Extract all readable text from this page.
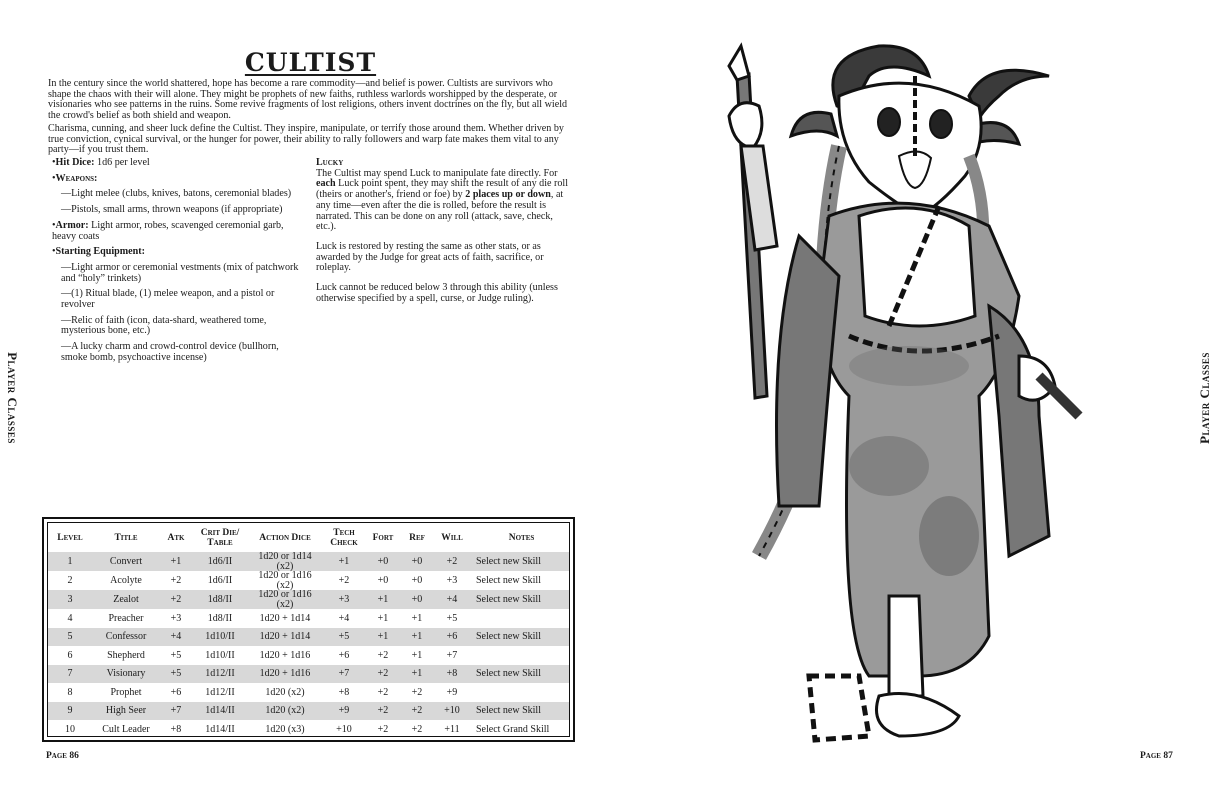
Player Classes
CULTIST

In the century since the world shattered, hope has become a rare commodity—and belief is power. Cultists are survivors who shape the chaos with their will alone. They might be prophets of new faiths, ruthless warlords worshipped by the desperate, or visionaries who see patterns in the ruins. Some revive fragments of lost religions, others invent doctrines on the fly, but all wield the crowd's belief as both shield and weapon.

Charisma, cunning, and sheer luck define the Cultist. They inspire, manipulate, or terrify those around them. Whether driven by true conviction, cynical survival, or the hunger for power, their ability to rally followers and warp fate makes them vital to any party—if you trust them.

•Hit Dice: 1d6 per level

•Weapons:

—Light melee (clubs, knives, batons, ceremonial blades)

—Pistols, small arms, thrown weapons (if appropriate)

•Armor: Light armor, robes, scavenged ceremonial garb, heavy coats

•Starting Equipment:

—Light armor or ceremonial vestments (mix of patchwork and “holy” trinkets)

—(1) Ritual blade, (1) melee weapon, and a pistol or revolver

—Relic of faith (icon, data-shard, weathered tome, mysterious bone, etc.)

—A lucky charm and crowd-control device (bullhorn, smoke bomb, psychoactive incense)

Lucky

The Cultist may spend Luck to manipulate fate directly. For each Luck point spent, they may shift the result of any die roll (theirs or another's, friend or foe) by 2 places up or down, at any time—even after the die is rolled, before the result is narrated. This can be done on any roll (attack, save, check, etc.).

Luck is restored by resting the same as other stats, or as awarded by the Judge for great acts of faith, sacrifice, or roleplay.

Luck cannot be reduced below 3 through this ability (unless otherwise specified by a spell, curse, or Judge ruling).

Level	Title	Atk	Crit Die/ Table	Action Dice	Tech Check	Fort	Ref	Will	Notes
1	Convert	+1	1d6/II	1d20 or 1d14 (x2)	+1	+0	+0	+2	Select new Skill
2	Acolyte	+2	1d6/II	1d20 or 1d16 (x2)	+2	+0	+0	+3	Select new Skill
3	Zealot	+2	1d8/II	1d20 or 1d16 (x2)	+3	+1	+0	+4	Select new Skill
4	Preacher	+3	1d8/II	1d20 + 1d14	+4	+1	+1	+5	
5	Confessor	+4	1d10/II	1d20 + 1d14	+5	+1	+1	+6	Select new Skill
6	Shepherd	+5	1d10/II	1d20 + 1d16	+6	+2	+1	+7	
7	Visionary	+5	1d12/II	1d20 + 1d16	+7	+2	+1	+8	Select new Skill
8	Prophet	+6	1d12/II	1d20 (x2)	+8	+2	+2	+9	
9	High Seer	+7	1d14/II	1d20 (x2)	+9	+2	+2	+10	Select new Skill
10	Cult Leader	+8	1d14/II	1d20 (x3)	+10	+2	+2	+11	Select Grand Skill
Page 86
Player Classes
Page 87
